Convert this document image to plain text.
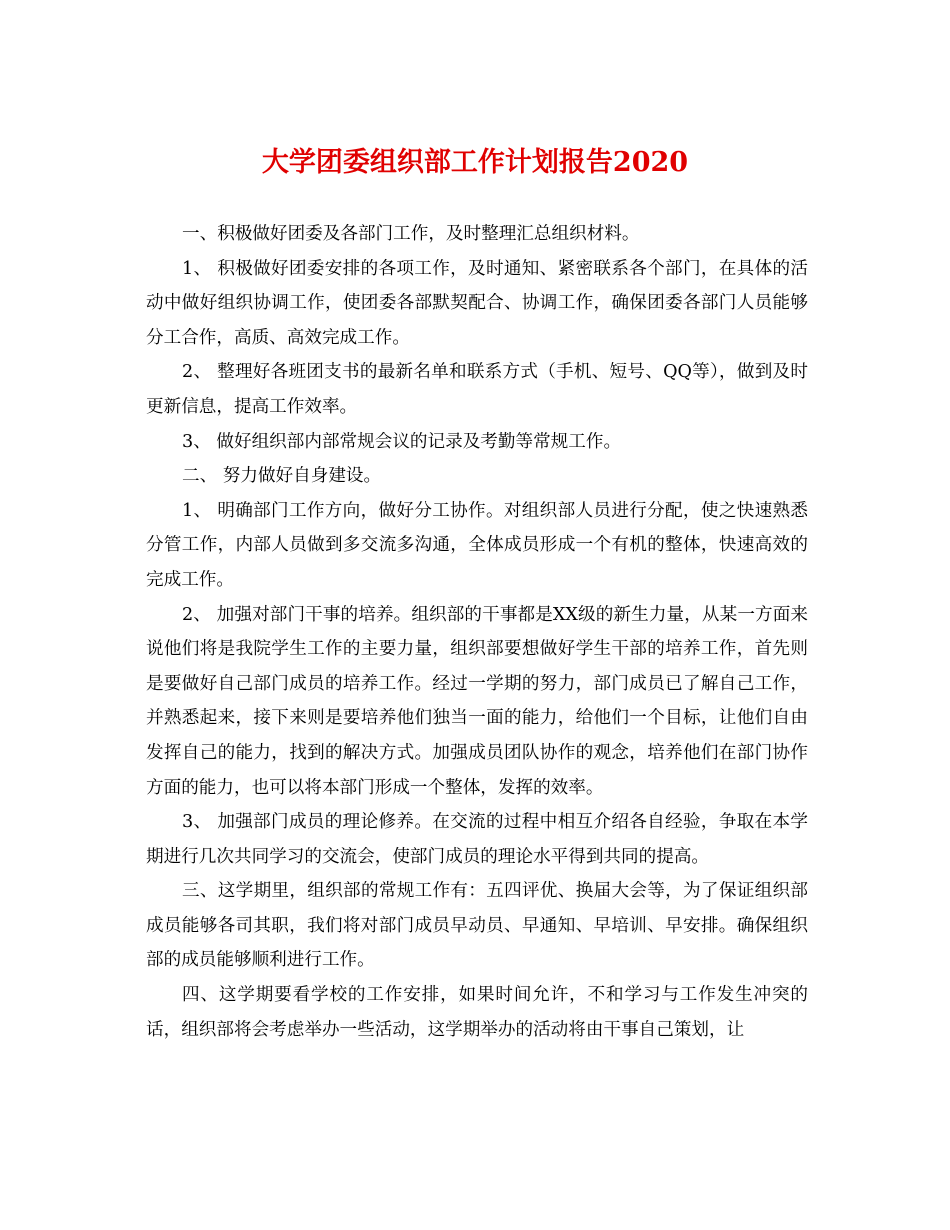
大学团委组织部工作计划报告2020

一、积极做好团委及各部门工作，及时整理汇总组织材料。

1、 积极做好团委安排的各项工作，及时通知、紧密联系各个部门，在具体的活动中做好组织协调工作，使团委各部默契配合、协调工作，确保团委各部门人员能够分工合作，高质、高效完成工作。

2、 整理好各班团支书的最新名单和联系方式（手机、短号、QQ等），做到及时更新信息，提高工作效率。

3、 做好组织部内部常规会议的记录及考勤等常规工作。

二、 努力做好自身建设。

1、 明确部门工作方向，做好分工协作。对组织部人员进行分配，使之快速熟悉分管工作，内部人员做到多交流多沟通，全体成员形成一个有机的整体，快速高效的完成工作。

2、 加强对部门干事的培养。组织部的干事都是XX级的新生力量，从某一方面来说他们将是我院学生工作的主要力量，组织部要想做好学生干部的培养工作，首先则是要做好自己部门成员的培养工作。经过一学期的努力，部门成员已了解自己工作，并熟悉起来，接下来则是要培养他们独当一面的能力，给他们一个目标，让他们自由发挥自己的能力，找到的解决方式。加强成员团队协作的观念，培养他们在部门协作方面的能力，也可以将本部门形成一个整体，发挥的效率。

3、 加强部门成员的理论修养。在交流的过程中相互介绍各自经验，争取在本学期进行几次共同学习的交流会，使部门成员的理论水平得到共同的提高。

三、这学期里，组织部的常规工作有：五四评优、换届大会等，为了保证组织部成员能够各司其职，我们将对部门成员早动员、早通知、早培训、早安排。确保组织部的成员能够顺利进行工作。

四、这学期要看学校的工作安排，如果时间允许，不和学习与工作发生冲突的话，组织部将会考虑举办一些活动，这学期举办的活动将由干事自己策划，让
